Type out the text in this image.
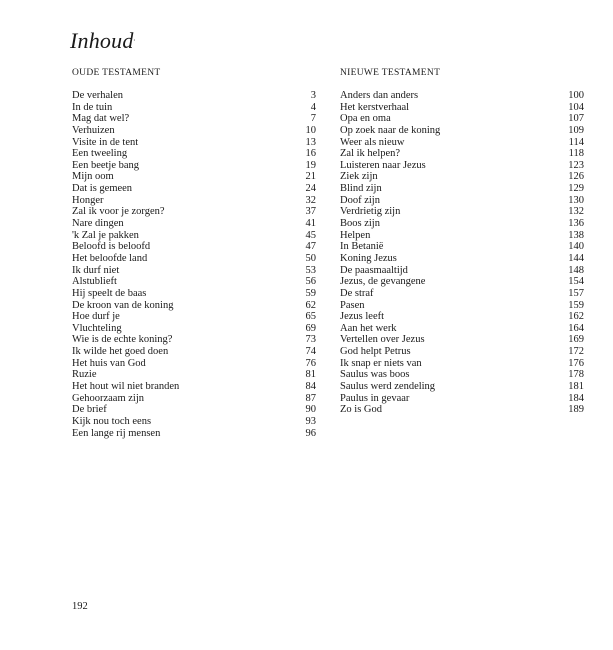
Inhoud ·
OUDE TESTAMENT	NIEUWE TESTAMENT
De verhalen	3
In de tuin	4
Mag dat wel?	7
Verhuizen	10
Visite in de tent	13
Een tweeling	16
Een beetje bang	19
Mijn oom	21
Dat is gemeen	24
Honger	32
Zal ik voor je zorgen?	37
Nare dingen	41
'k Zal je pakken	45
Beloofd is beloofd	47
Het beloofde land	50
Ik durf niet	53
Alstublieft	56
Hij speelt de baas	59
De kroon van de koning	62
Hoe durf je	65
Vluchteling	69
Wie is de echte koning?	73
Ik wilde het goed doen	74
Het huis van God	76
Ruzie	81
Het hout wil niet branden	84
Gehoorzaam zijn	87
De brief	90
Kijk nou toch eens	93
Een lange rij mensen	96
Anders dan anders	100
Het kerstverhaal	104
Opa en oma	107
Op zoek naar de koning	109
Weer als nieuw	114
Zal ik helpen?	118
Luisteren naar Jezus	123
Ziek zijn	126
Blind zijn	129
Doof zijn	130
Verdrietig zijn	132
Boos zijn	136
Helpen	138
In Betanië	140
Koning Jezus	144
De paasmaaltijd	148
Jezus, de gevangene	154
De straf	157
Pasen	159
Jezus leeft	162
Aan het werk	164
Vertellen over Jezus	169
God helpt Petrus	172
Ik snap er niets van	176
Saulus was boos	178
Saulus werd zendeling	181
Paulus in gevaar	184
Zo is God	189
192
